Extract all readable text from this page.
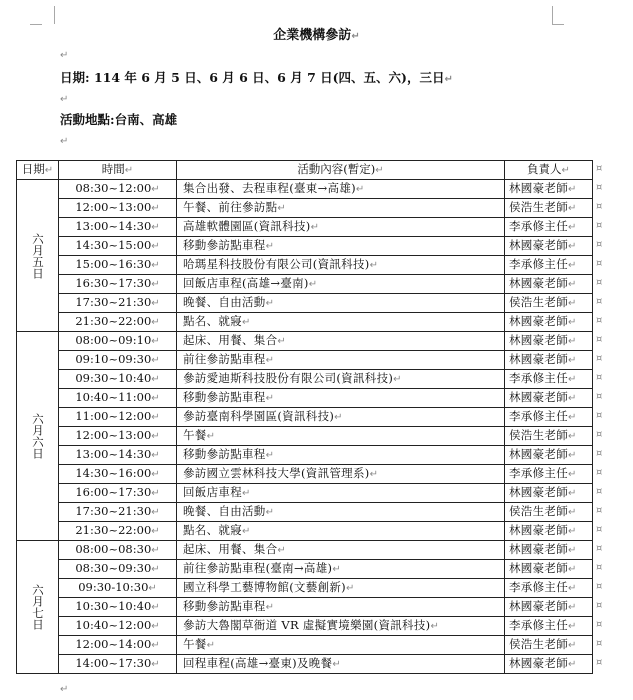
企業機構參訪↵
↵
日期: 114 年 6 月 5 日、6 月 6 日、6 月 7 日(四、五、六)，三日↵
↵
活動地點:台南、高雄
↵
日期↵	時間↵	活動內容(暫定)↵	負責人↵

六月五日	08:30~12:00↵	集合出發、去程車程(臺東→高雄)↵	林國豪老師↵
	12:00~13:00↵	午餐、前往參訪點↵	侯浩生老師↵
	13:00~14:30↵	高雄軟體園區(資訊科技)↵	李承修主任↵
	14:30~15:00↵	移動參訪點車程↵	林國豪老師↵
	15:00~16:30↵	哈瑪星科技股份有限公司(資訊科技)↵	李承修主任↵
	16:30~17:30↵	回飯店車程(高雄→臺南)↵	林國豪老師↵
	17:30~21:30↵	晚餐、自由活動↵	侯浩生老師↵
	21:30~22:00↵	點名、就寢↵	林國豪老師↵

六月六日	08:00~09:10↵	起床、用餐、集合↵	林國豪老師↵
	09:10~09:30↵	前往參訪點車程↵	林國豪老師↵
	09:30~10:40↵	參訪愛迪斯科技股份有限公司(資訊科技)↵	李承修主任↵
	10:40~11:00↵	移動參訪點車程↵	林國豪老師↵
	11:00~12:00↵	參訪臺南科學園區(資訊科技)↵	李承修主任↵
	12:00~13:00↵	午餐↵	侯浩生老師↵
	13:00~14:30↵	移動參訪點車程↵	林國豪老師↵
	14:30~16:00↵	參訪國立雲林科技大學(資訊管理系)↵	李承修主任↵
	16:00~17:30↵	回飯店車程↵	林國豪老師↵
	17:30~21:30↵	晚餐、自由活動↵	侯浩生老師↵
	21:30~22:00↵	點名、就寢↵	林國豪老師↵

六月七日	08:00~08:30↵	起床、用餐、集合↵	林國豪老師↵
	08:30~09:30↵	前往參訪點車程(臺南→高雄)↵	林國豪老師↵
	09:30-10:30↵	國立科學工藝博物館(文藝創新)↵	李承修主任↵
	10:30~10:40↵	移動參訪點車程↵	林國豪老師↵
	10:40~12:00↵	參訪大魯閣草衙道 VR 虛擬實境樂園(資訊科技)↵	李承修主任↵
	12:00~14:00↵	午餐↵	侯浩生老師↵
	14:00~17:30↵	回程車程(高雄→臺東)及晚餐↵	林國豪老師↵
↵
¤
¤
¤
¤
¤
¤
¤
¤
¤
¤
¤
¤
¤
¤
¤
¤
¤
¤
¤
¤
¤
¤
¤
¤
¤
¤
¤
